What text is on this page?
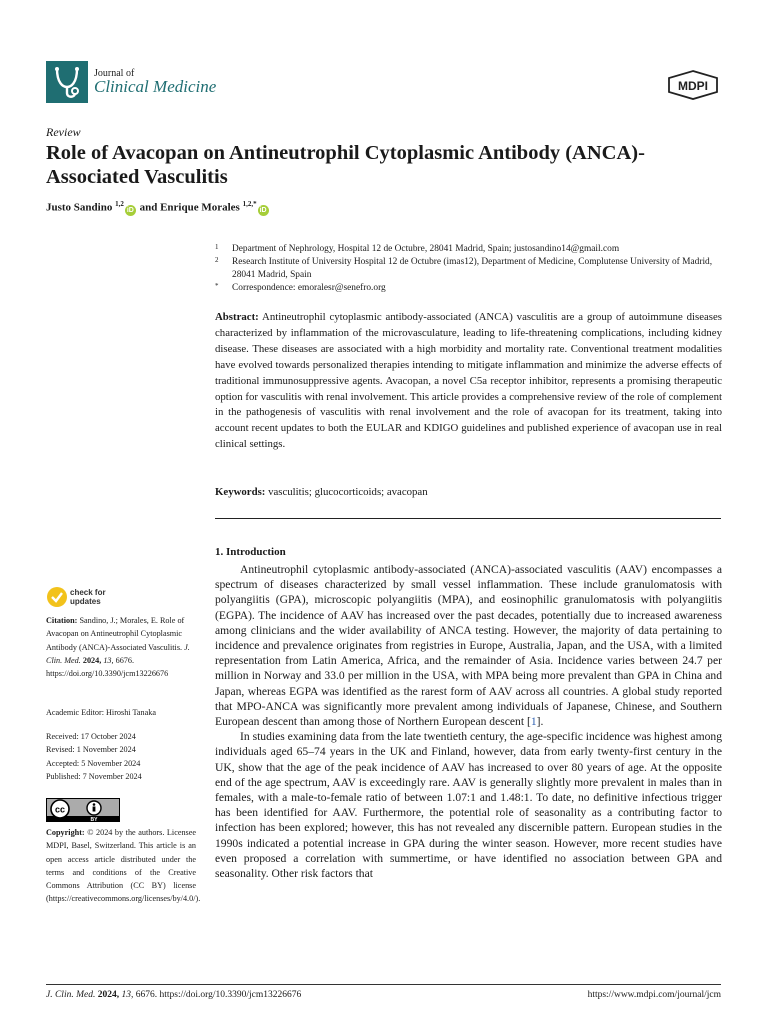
Journal of
Clinical Medicine	MDPI
Review
Role of Avacopan on Antineutrophil Cytoplasmic Antibody (ANCA)-Associated Vasculitis
Justo Sandino $^{1,2}$iD and Enrique Morales $^{1,2,*}$iD
1 Department of Nephrology, Hospital 12 de Octubre, 28041 Madrid, Spain; justosandino14@gmail.com
2 Research Institute of University Hospital 12 de Octubre (imas12), Department of Medicine, Complutense University of Madrid, 28041 Madrid, Spain
* Correspondence: emoralesr@senefro.org
Abstract: Antineutrophil cytoplasmic antibody-associated (ANCA) vasculitis are a group of autoimmune diseases characterized by inflammation of the microvasculature, leading to life-threatening complications, including kidney disease. These diseases are associated with a high morbidity and mortality rate. Conventional treatment modalities have evolved towards personalized therapies intending to mitigate inflammation and minimize the adverse effects of traditional immunosuppressive agents. Avacopan, a novel C5a receptor inhibitor, represents a promising therapeutic option for vasculitis with renal involvement. This article provides a comprehensive review of the role of complement in the pathogenesis of vasculitis with renal involvement and the role of avacopan for its treatment, taking into account recent updates to both the EULAR and KDIGO guidelines and published experience of avacopan use in real clinical settings.
Keywords: vasculitis; glucocorticoids; avacopan
check for
updates
Citation: Sandino, J.; Morales, E. Role of Avacopan on Antineutrophil Cytoplasmic Antibody (ANCA)-Associated Vasculitis. J. Clin. Med. 2024, 13, 6676. https://doi.org/10.3390/jcm13226676
Academic Editor: Hiroshi Tanaka
Received: 17 October 2024
Revised: 1 November 2024
Accepted: 5 November 2024
Published: 7 November 2024
cc
BY
Copyright: © 2024 by the authors. Licensee MDPI, Basel, Switzerland. This article is an open access article distributed under the terms and conditions of the Creative Commons Attribution (CC BY) license (https://creativecommons.org/licenses/by/4.0/).
1. Introduction

Antineutrophil cytoplasmic antibody-associated (ANCA)-associated vasculitis (AAV) encompasses a spectrum of diseases characterized by small vessel inflammation. These include granulomatosis with polyangiitis (GPA), microscopic polyangiitis (MPA), and eosinophilic granulomatosis with polyangiitis (EGPA). The incidence of AAV has increased over the past decades, potentially due to increased awareness among clinicians and the wider availability of ANCA testing. However, the majority of data pertaining to incidence and prevalence originates from registries in Europe, Australia, Japan, and the USA, with a limited representation from Latin America, Africa, and the remainder of Asia. Incidence varies between 24.7 per million in Norway and 33.0 per million in the USA, with MPA being more prevalent than GPA in China and Japan, whereas EGPA was identified as the rarest form of AAV across all countries. A global study reported that MPO-ANCA was significantly more prevalent among individuals of Japanese, Chinese, and Southern European descent than among those of Northern European descent [1].

In studies examining data from the late twentieth century, the age-specific incidence was highest among individuals aged 65–74 years in the UK and Finland, however, data from early twenty-first century in the UK, show that the age of the peak incidence of AAV has increased to over 80 years of age. At the opposite end of the age spectrum, AAV is exceedingly rare. AAV is generally slightly more prevalent in males than in females, with a male-to-female ratio of between 1.07:1 and 1.48:1. To date, no definitive infectious trigger has been identified for AAV. Furthermore, the potential role of seasonality as a contributing factor to infection has been explored; however, this has not revealed any discernible pattern. European studies in the 1990s indicated a potential increase in GPA during the winter season. However, more recent studies have even proposed a correlation with summertime, or have identified no association between GPA and seasonality. Other risk factors that

J. Clin. Med. 2024, 13, 6676. https://doi.org/10.3390/jcm13226676	https://www.mdpi.com/journal/jcm
